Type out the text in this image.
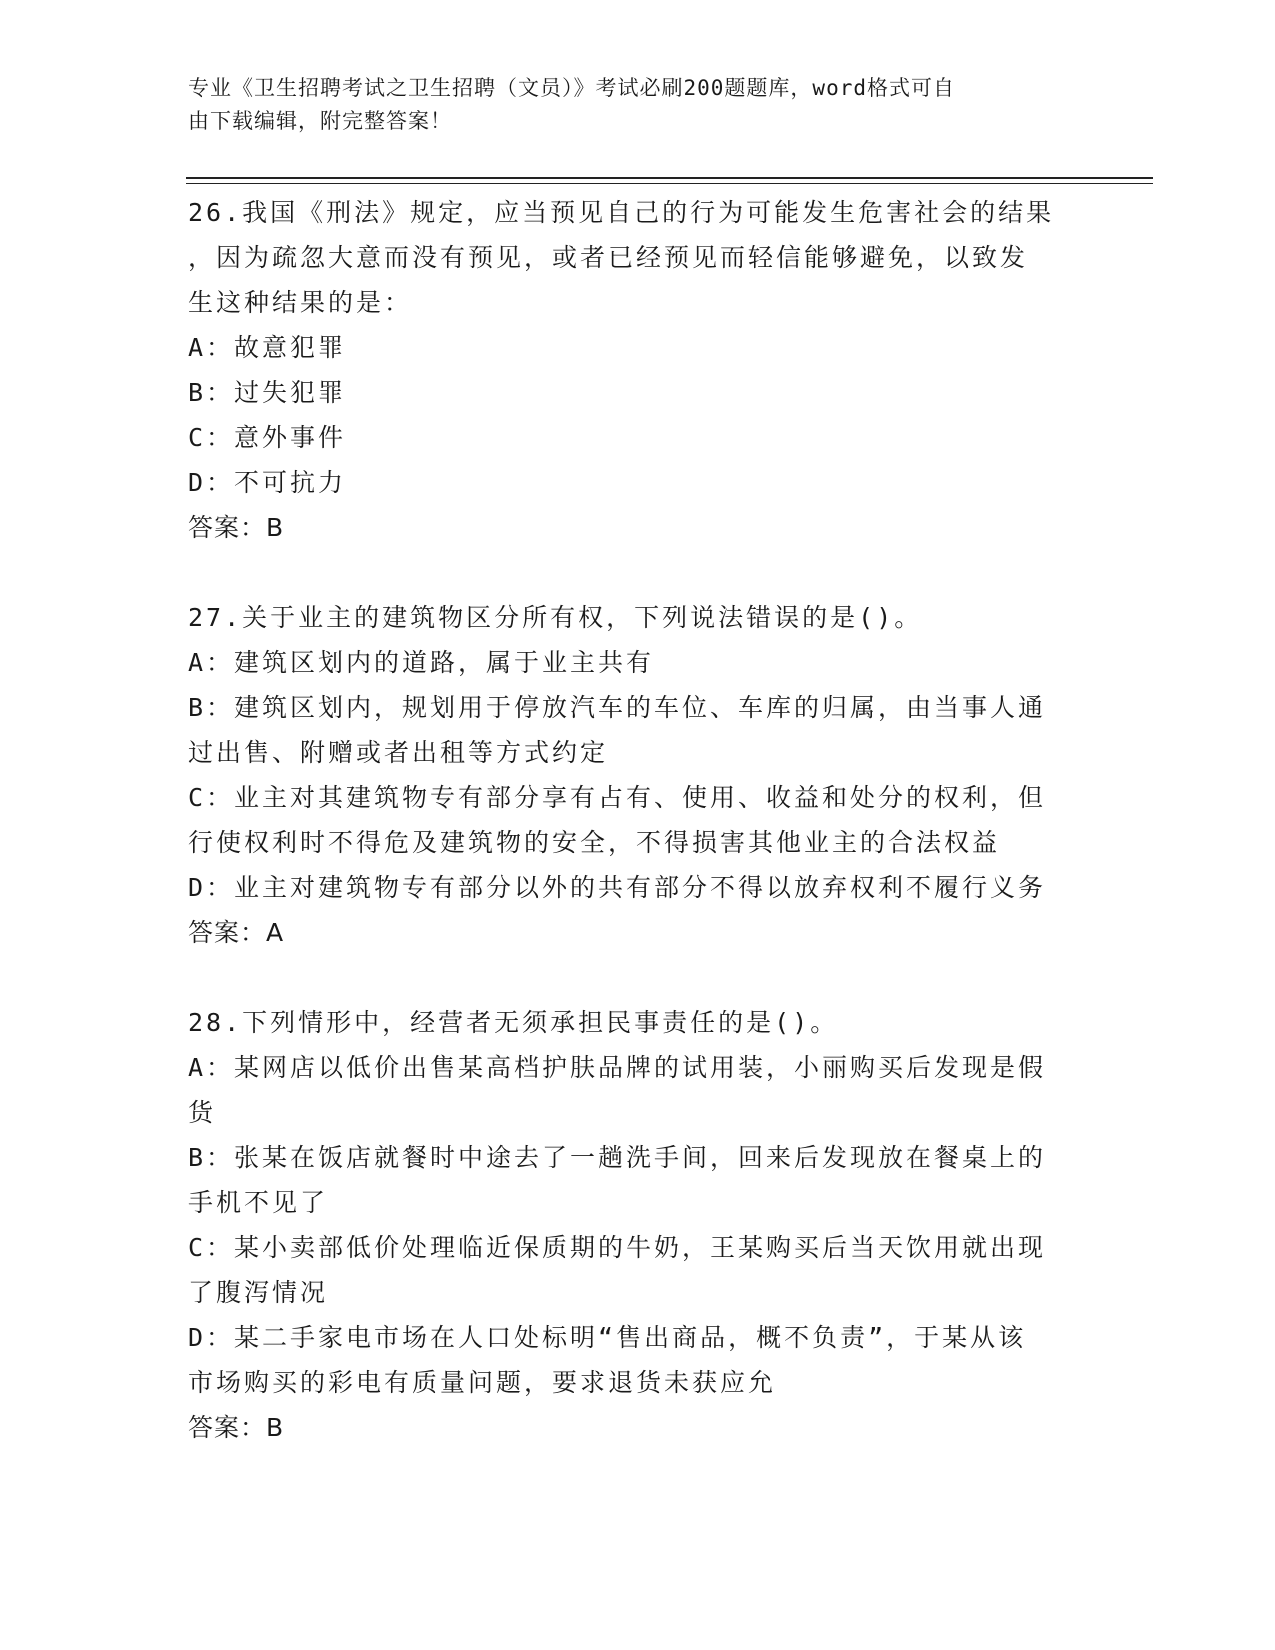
专业《卫生招聘考试之卫生招聘（文员）》考试必刷200题题库，word格式可自
由下载编辑，附完整答案！
26.我国《刑法》规定，应当预见自己的行为可能发生危害社会的结果
，因为疏忽大意而没有预见，或者已经预见而轻信能够避免，以致发
生这种结果的是：
A：故意犯罪
B：过失犯罪
C：意外事件
D：不可抗力
答案：B
27.关于业主的建筑物区分所有权，下列说法错误的是()。
A：建筑区划内的道路，属于业主共有
B：建筑区划内，规划用于停放汽车的车位、车库的归属，由当事人通
过出售、附赠或者出租等方式约定
C：业主对其建筑物专有部分享有占有、使用、收益和处分的权利，但
行使权利时不得危及建筑物的安全，不得损害其他业主的合法权益
D：业主对建筑物专有部分以外的共有部分不得以放弃权利不履行义务
答案：A
28.下列情形中，经营者无须承担民事责任的是()。
A：某网店以低价出售某高档护肤品牌的试用装，小丽购买后发现是假
货
B：张某在饭店就餐时中途去了一趟洗手间，回来后发现放在餐桌上的
手机不见了
C：某小卖部低价处理临近保质期的牛奶，王某购买后当天饮用就出现
了腹泻情况
D：某二手家电市场在人口处标明“售出商品，概不负责”，于某从该
市场购买的彩电有质量问题，要求退货未获应允
答案：B
